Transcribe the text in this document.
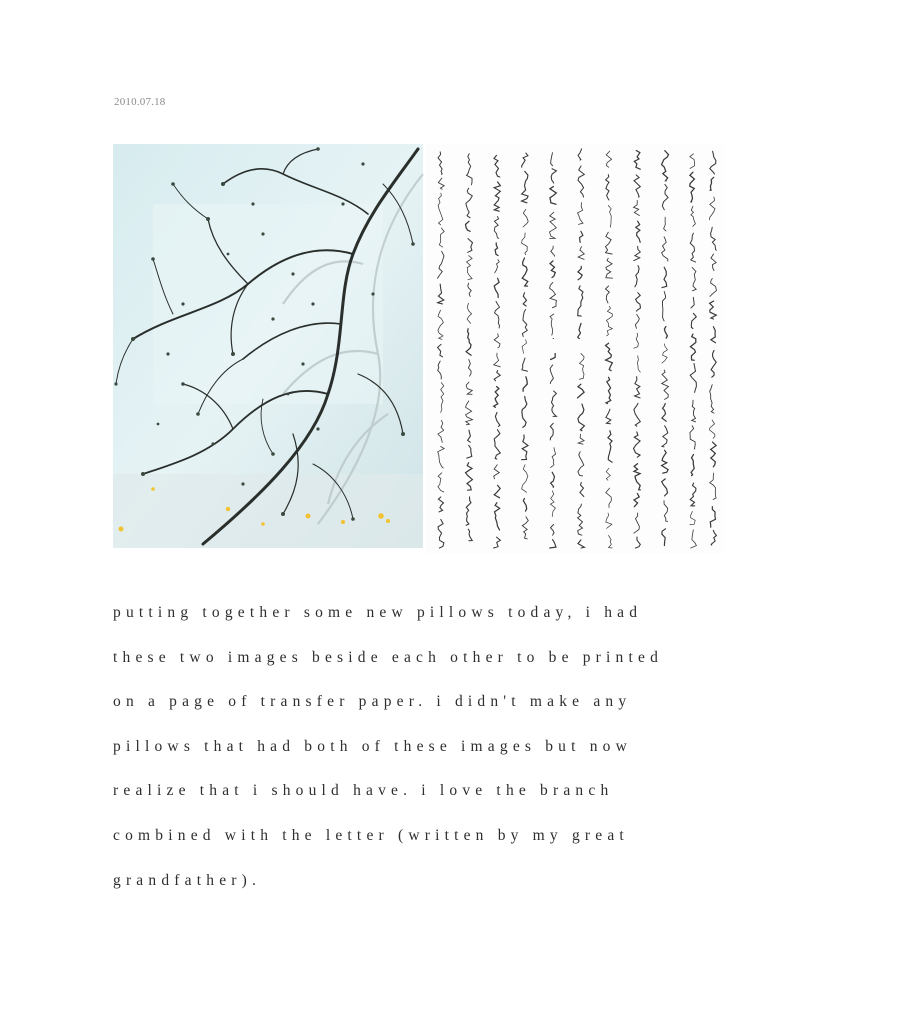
2010.07.18
putting together some new pillows today, i had
these two images beside each other to be printed
on a page of transfer paper. i didn't make any
pillows that had both of these images but now
realize that i should have. i love the branch
combined with the letter (written by my great
grandfather).
